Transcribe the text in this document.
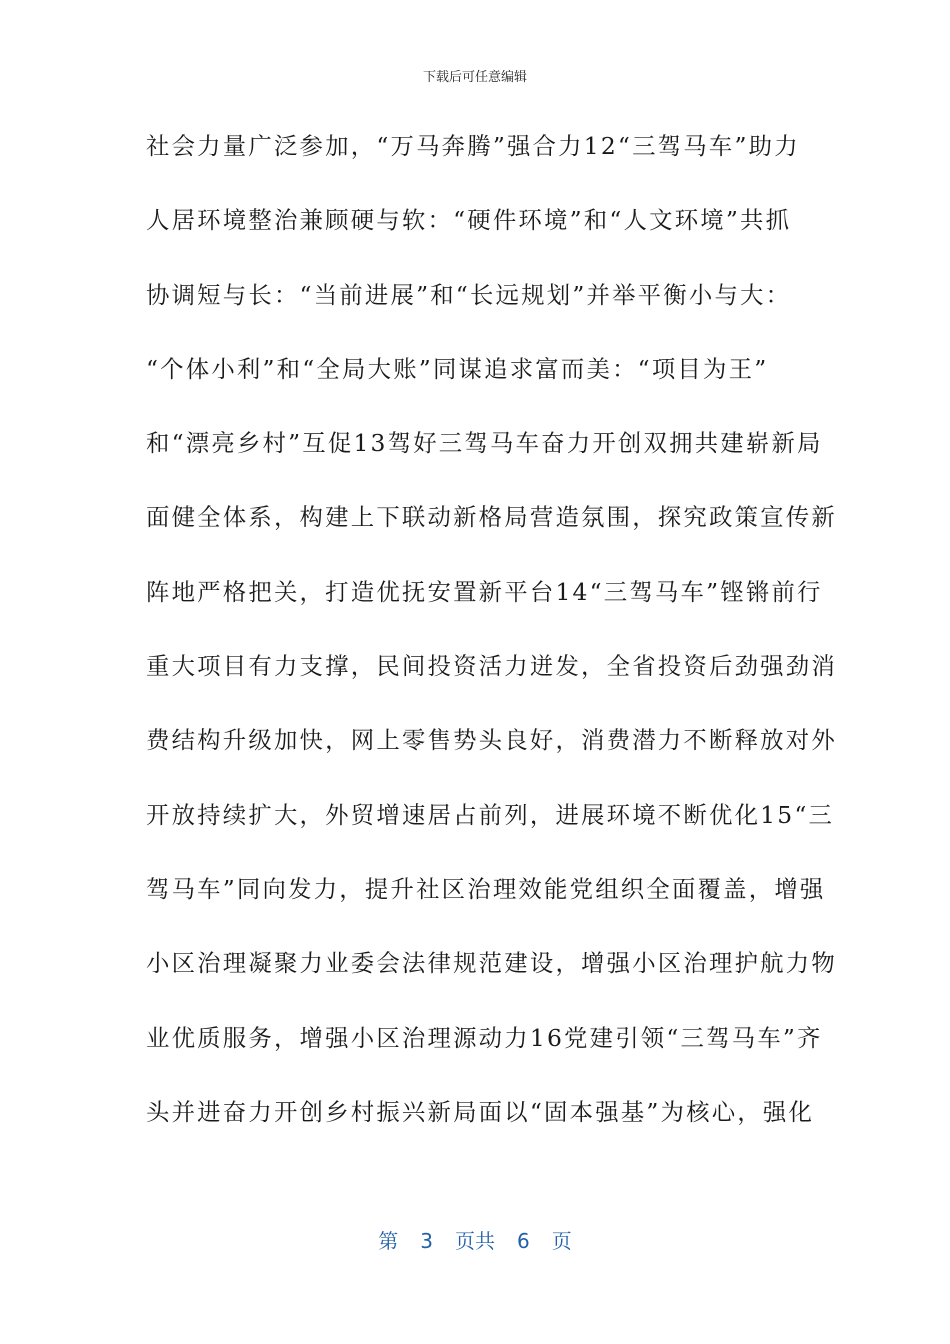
下载后可任意编辑
社会力量广泛参加，“万马奔腾”强合力12“三驾马车”助力
人居环境整治兼顾硬与软：“硬件环境”和“人文环境”共抓
协调短与长：“当前进展”和“长远规划”并举平衡小与大：
“个体小利”和“全局大账”同谋追求富而美：“项目为王”
和“漂亮乡村”互促13驾好三驾马车奋力开创双拥共建崭新局
面健全体系，构建上下联动新格局营造氛围，探究政策宣传新
阵地严格把关，打造优抚安置新平台14“三驾马车”铿锵前行
重大项目有力支撑，民间投资活力迸发，全省投资后劲强劲消
费结构升级加快，网上零售势头良好，消费潜力不断释放对外
开放持续扩大，外贸增速居占前列，进展环境不断优化15“三
驾马车”同向发力，提升社区治理效能党组织全面覆盖，增强
小区治理凝聚力业委会法律规范建设，增强小区治理护航力物
业优质服务，增强小区治理源动力16党建引领“三驾马车”齐
头并进奋力开创乡村振兴新局面以“固本强基”为核心，强化
第 3 页共 6 页
